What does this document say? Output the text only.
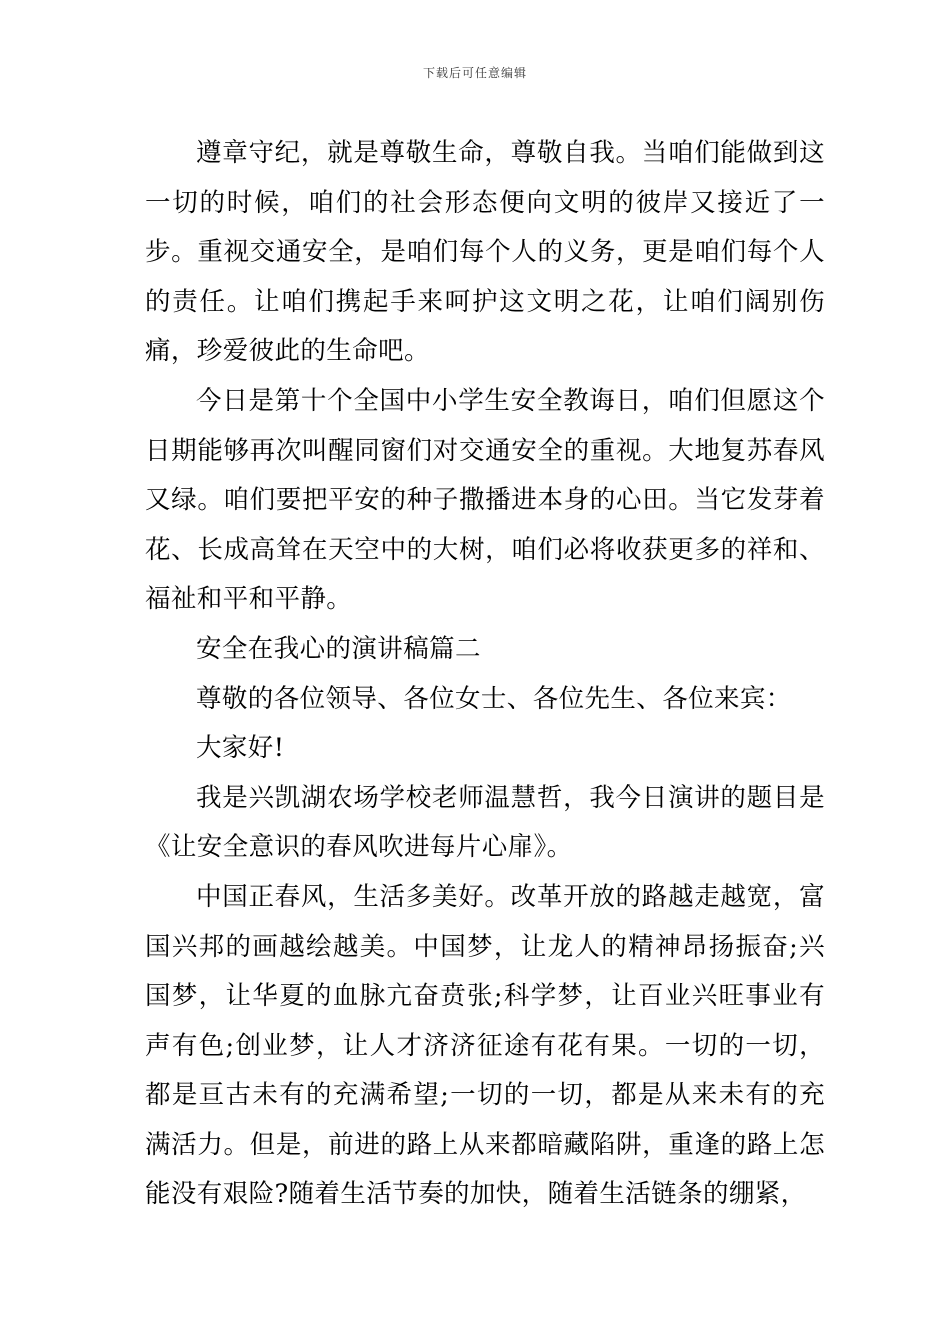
下载后可任意编辑

遵章守纪，就是尊敬生命，尊敬自我。当咱们能做到这一切的时候，咱们的社会形态便向文明的彼岸又接近了一步。重视交通安全，是咱们每个人的义务，更是咱们每个人的责任。让咱们携起手来呵护这文明之花，让咱们阔别伤痛，珍爱彼此的生命吧。

今日是第十个全国中小学生安全教诲日，咱们但愿这个日期能够再次叫醒同窗们对交通安全的重视。大地复苏春风又绿。咱们要把平安的种子撒播进本身的心田。当它发芽着花、长成高耸在天空中的大树，咱们必将收获更多的祥和、福祉和平和平静。

安全在我心的演讲稿篇二

尊敬的各位领导、各位女士、各位先生、各位来宾：

大家好!

我是兴凯湖农场学校老师温慧哲，我今日演讲的题目是《让安全意识的春风吹进每片心扉》。

中国正春风，生活多美好。改革开放的路越走越宽，富国兴邦的画越绘越美。中国梦，让龙人的精神昂扬振奋;兴国梦，让华夏的血脉亢奋贲张;科学梦，让百业兴旺事业有声有色;创业梦，让人才济济征途有花有果。一切的一切，都是亘古未有的充满希望;一切的一切，都是从来未有的充满活力。但是，前进的路上从来都暗藏陷阱，重逢的路上怎能没有艰险?随着生活节奏的加快，随着生活链条的绷紧，
